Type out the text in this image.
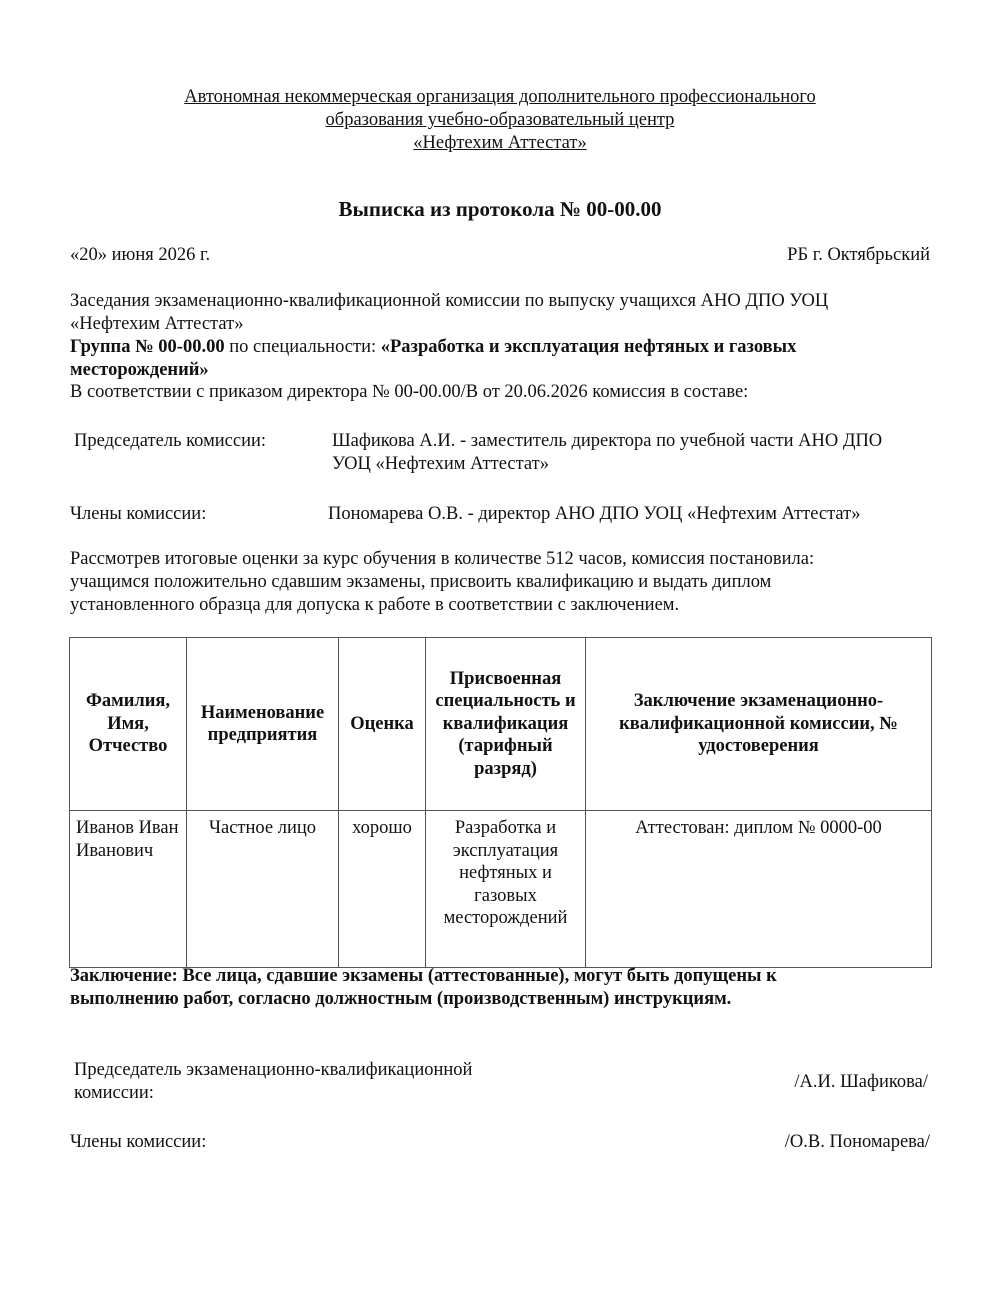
Автономная некоммерческая организация дополнительного профессионального
образования учебно-образовательный центр
«Нефтехим Аттестат»
Выписка из протокола № 00-00.00
«20» июня 2026 г.	РБ г. Октябрьский
Заседания экзаменационно-квалификационной комиссии по выпуску учащихся АНО ДПО УОЦ
«Нефтехим Аттестат»
Группа № 00-00.00 по специальности: «Разработка и эксплуатация нефтяных и газовых
месторождений»
В соответствии с приказом директора № 00-00.00/В от 20.06.2026 комиссия в составе:
Председатель комиссии:	Шафикова А.И. - заместитель директора по учебной части АНО ДПО
УОЦ «Нефтехим Аттестат»
Члены комиссии:	Пономарева О.В. - директор АНО ДПО УОЦ «Нефтехим Аттестат»
Рассмотрев итоговые оценки за курс обучения в количестве 512 часов, комиссия постановила:
учащимся положительно сдавшим экзамены, присвоить квалификацию и выдать диплом
установленного образца для допуска к работе в соответствии с заключением.
Фамилия, Имя, Отчество	Наименование предприятия	Оценка	Присвоенная специальность и квалификация (тарифный разряд)	Заключение экзаменационно-квалификационной комиссии, № удостоверения
Иванов Иван Иванович	Частное лицо	хорошо	Разработка и эксплуатация нефтяных и газовых месторождений	Аттестован: диплом № 0000-00
Заключение: Все лица, сдавшие экзамены (аттестованные), могут быть допущены к
выполнению работ, согласно должностным (производственным) инструкциям.
Председатель экзаменационно-квалификационной
комиссии:
/А.И. Шафикова/
Члены комиссии:	/О.В. Пономарева/
